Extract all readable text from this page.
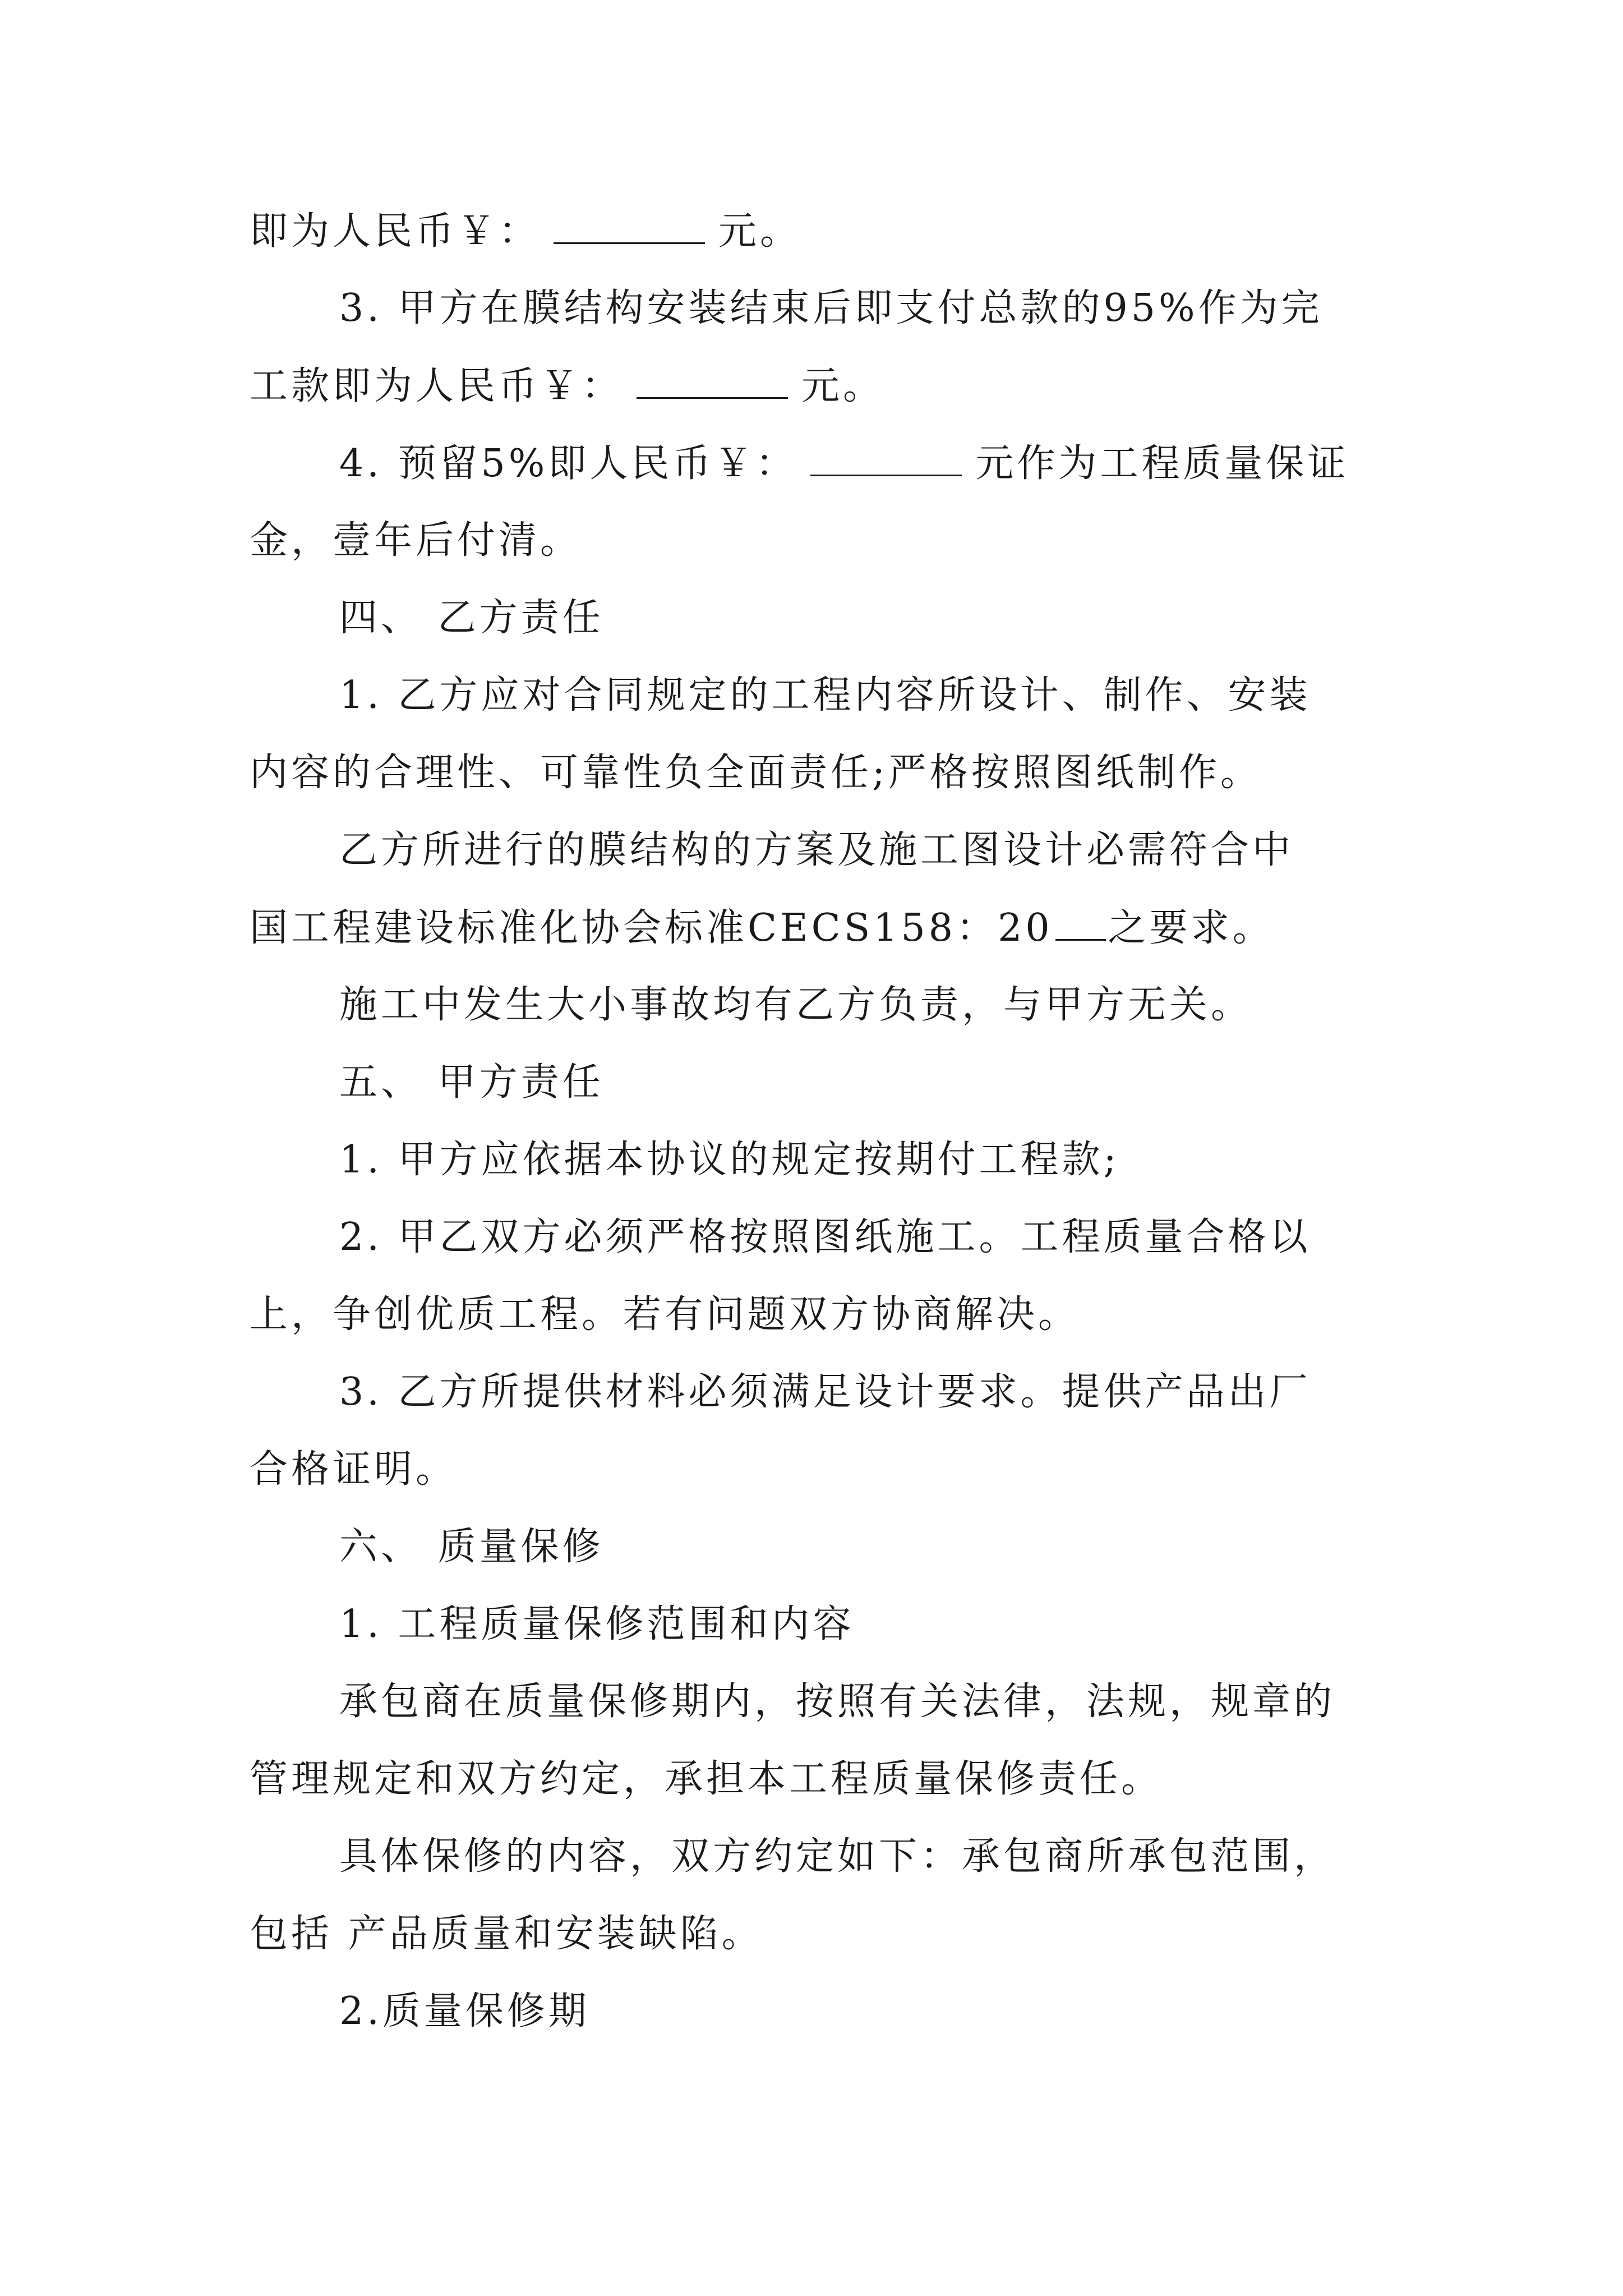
即为人民币￥：	元。
3. 甲方在膜结构安装结束后即支付总款的95%作为完
工款即为人民币￥：	元。
4. 预留5%即人民币￥：	元作为工程质量保证
金，壹年后付清。
四、 乙方责任
1. 乙方应对合同规定的工程内容所设计、制作、安装
内容的合理性、可靠性负全面责任;严格按照图纸制作。
乙方所进行的膜结构的方案及施工图设计必需符合中
国工程建设标准化协会标准CECS158：20 之要求。
施工中发生大小事故均有乙方负责，与甲方无关。
五、 甲方责任
1. 甲方应依据本协议的规定按期付工程款;
2. 甲乙双方必须严格按照图纸施工。工程质量合格以
上，争创优质工程。若有问题双方协商解决。
3. 乙方所提供材料必须满足设计要求。提供产品出厂
合格证明。
六、 质量保修
1. 工程质量保修范围和内容
承包商在质量保修期内，按照有关法律，法规，规章的
管理规定和双方约定，承担本工程质量保修责任。
具体保修的内容，双方约定如下：承包商所承包范围，
包括 产品质量和安装缺陷。
2.质量保修期
